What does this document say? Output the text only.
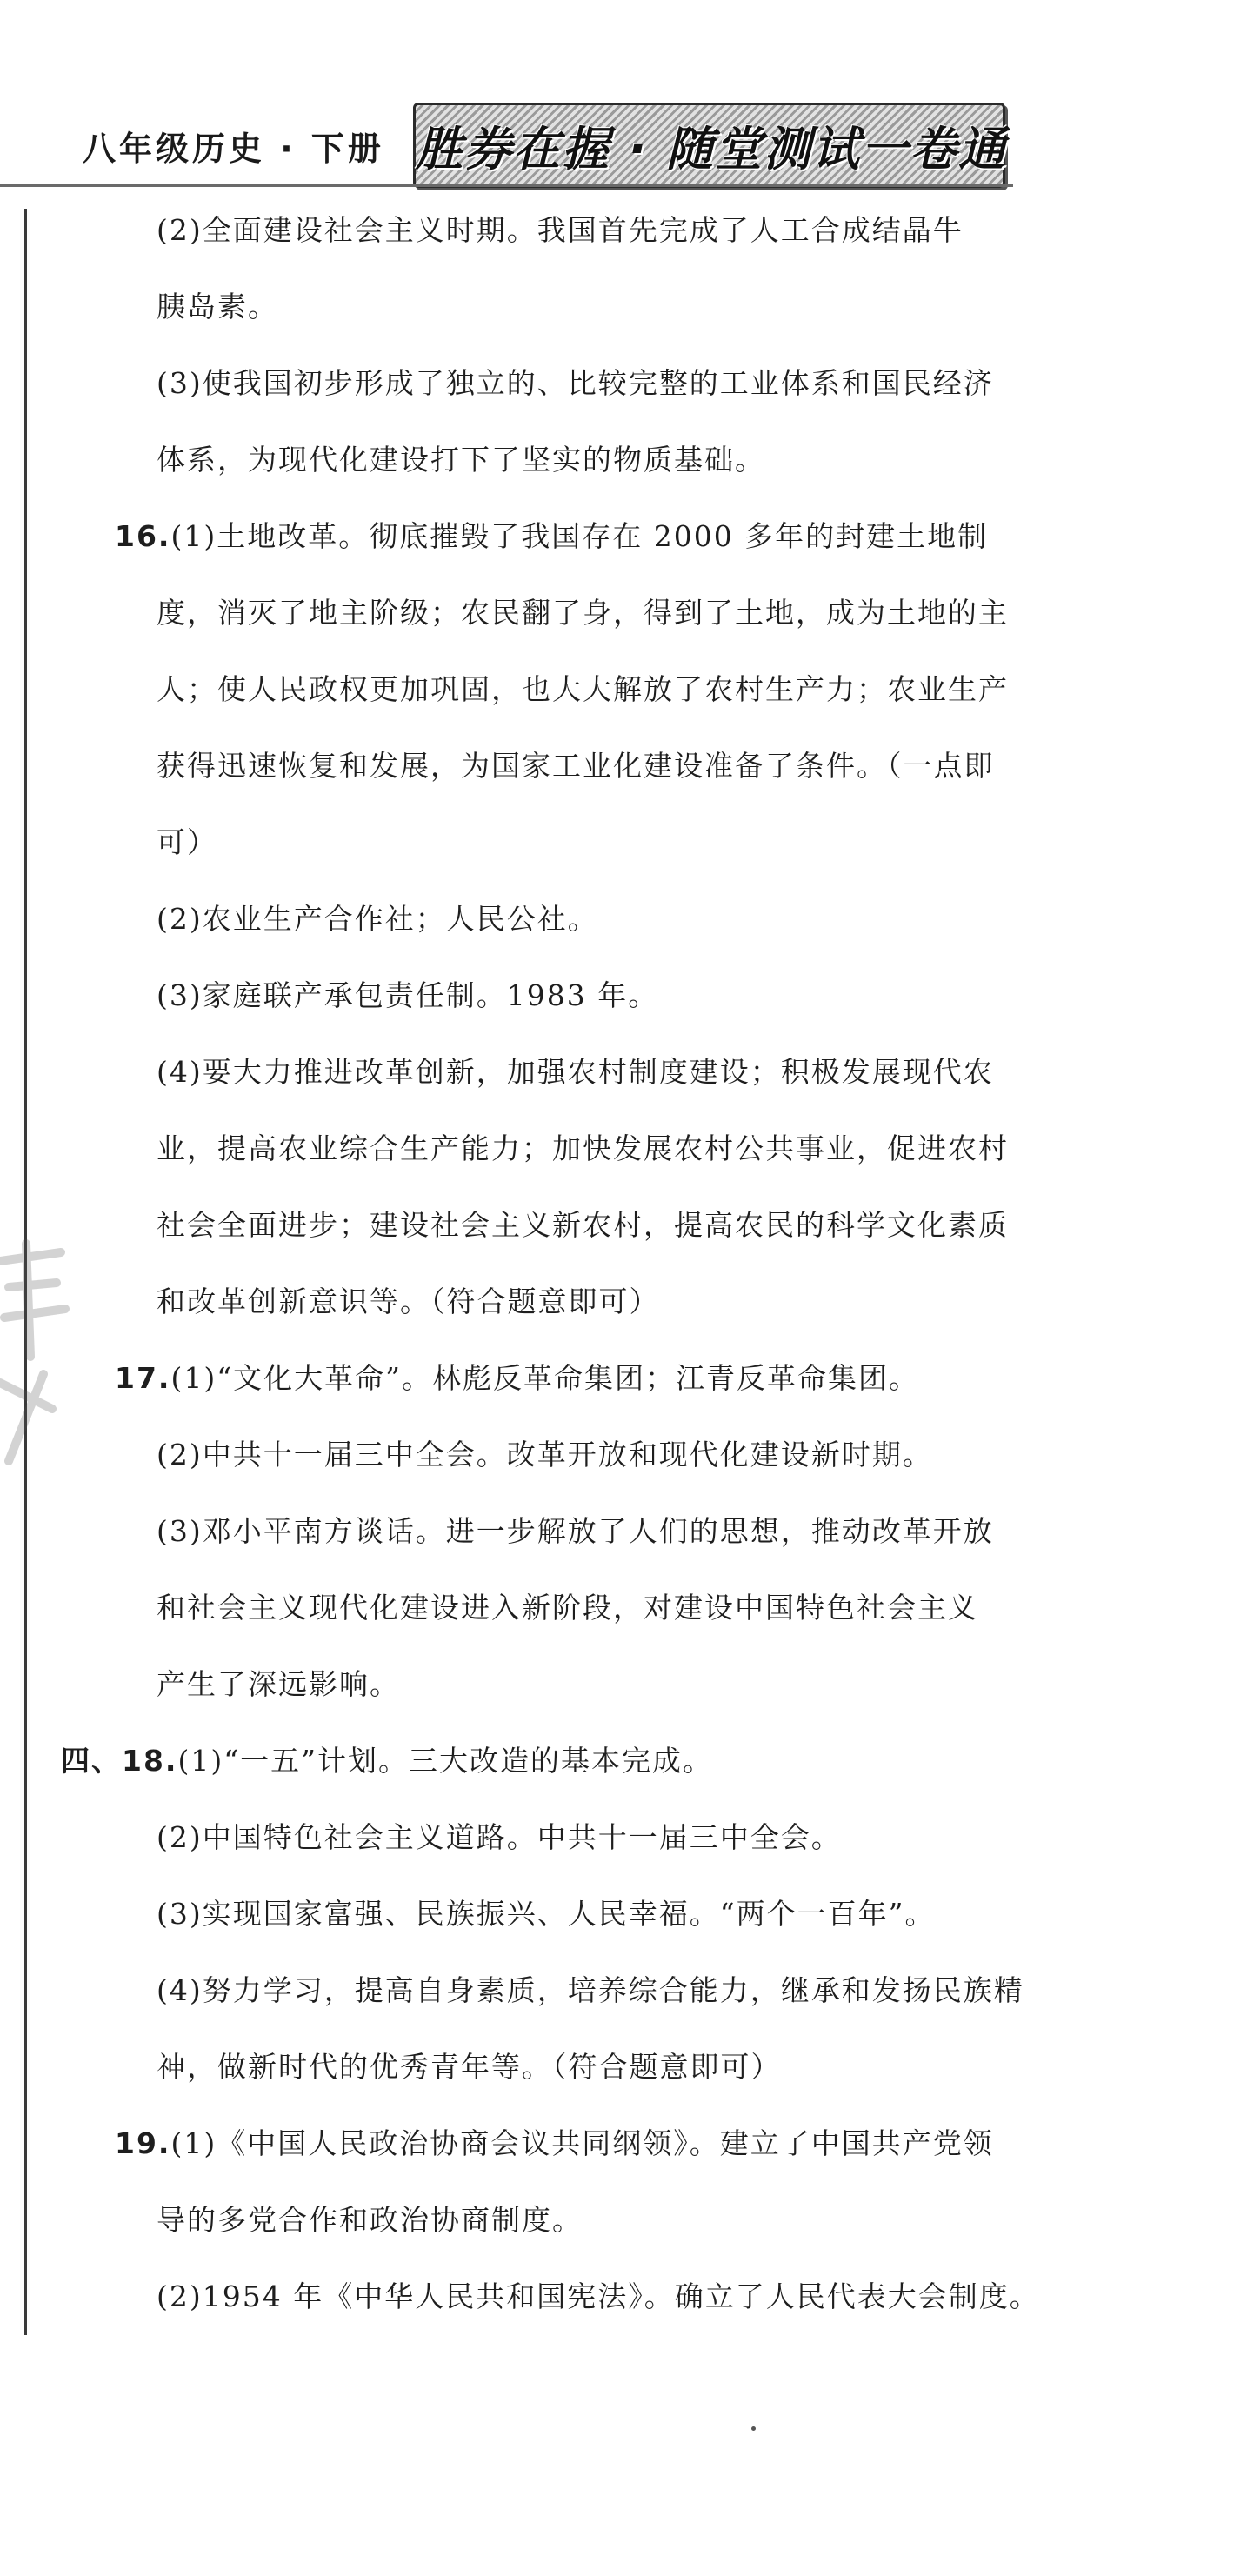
八年级历史 · 下册 胜券在握 · 随堂测试一卷通
(2)全面建设社会主义时期。我国首先完成了人工合成结晶牛
胰岛素。
(3)使我国初步形成了独立的、比较完整的工业体系和国民经济
体系，为现代化建设打下了坚实的物质基础。
16.(1)土地改革。彻底摧毁了我国存在 2000 多年的封建土地制
度，消灭了地主阶级；农民翻了身，得到了土地，成为土地的主
人；使人民政权更加巩固，也大大解放了农村生产力；农业生产
获得迅速恢复和发展，为国家工业化建设准备了条件。（一点即
可）
(2)农业生产合作社；人民公社。
(3)家庭联产承包责任制。1983 年。
(4)要大力推进改革创新，加强农村制度建设；积极发展现代农
业，提高农业综合生产能力；加快发展农村公共事业，促进农村
社会全面进步；建设社会主义新农村，提高农民的科学文化素质
和改革创新意识等。（符合题意即可）
17.(1)“文化大革命”。林彪反革命集团；江青反革命集团。
(2)中共十一届三中全会。改革开放和现代化建设新时期。
(3)邓小平南方谈话。进一步解放了人们的思想，推动改革开放
和社会主义现代化建设进入新阶段，对建设中国特色社会主义
产生了深远影响。
四、18.(1)“一五”计划。三大改造的基本完成。
(2)中国特色社会主义道路。中共十一届三中全会。
(3)实现国家富强、民族振兴、人民幸福。“两个一百年”。
(4)努力学习，提高自身素质，培养综合能力，继承和发扬民族精
神，做新时代的优秀青年等。（符合题意即可）
19.(1)《中国人民政治协商会议共同纲领》。建立了中国共产党领
导的多党合作和政治协商制度。
(2)1954 年《中华人民共和国宪法》。确立了人民代表大会制度。
